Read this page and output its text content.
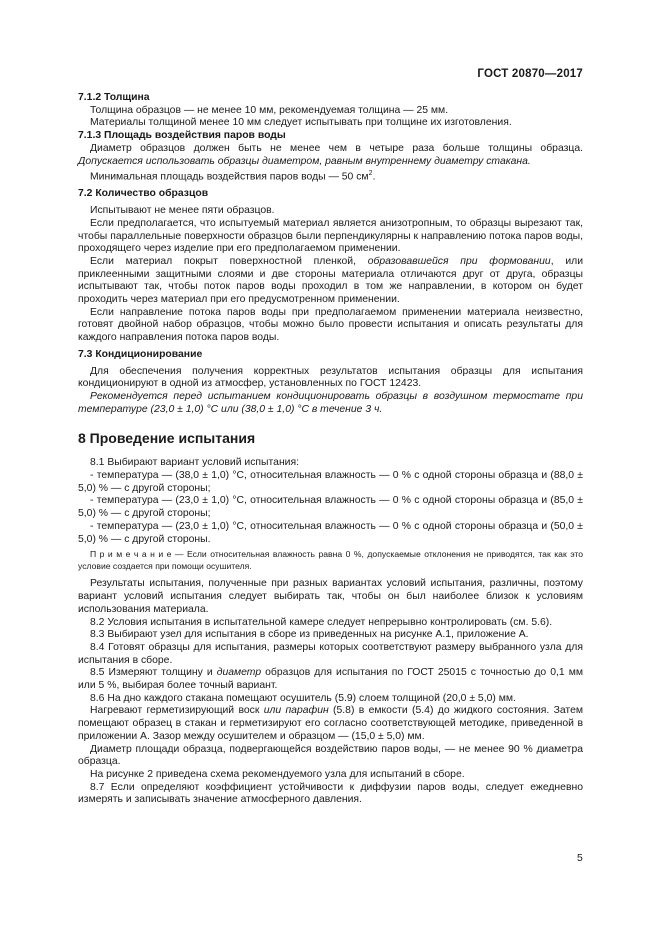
ГОСТ 20870—2017

7.1.2 Толщина

Толщина образцов — не менее 10 мм, рекомендуемая толщина — 25 мм.

Материалы толщиной менее 10 мм следует испытывать при толщине их изготовления.

7.1.3 Площадь воздействия паров воды

Диаметр образцов должен быть не менее чем в четыре раза больше толщины образца. Допускается использовать образцы диаметром, равным внутреннему диаметру стакана.

Минимальная площадь воздействия паров воды — 50 $см^2$.

7.2 Количество образцов

Испытывают не менее пяти образцов.

Если предполагается, что испытуемый материал является анизотропным, то образцы вырезают так, чтобы параллельные поверхности образцов были перпендикулярны к направлению потока паров воды, проходящего через изделие при его предполагаемом применении.

Если материал покрыт поверхностной пленкой, образовавшейся при формовании, или приклеенными защитными слоями и две стороны материала отличаются друг от друга, образцы испытывают так, чтобы поток паров воды проходил в том же направлении, в котором он будет проходить через материал при его предусмотренном применении.

Если направление потока паров воды при предполагаемом применении материала неизвестно, готовят двойной набор образцов, чтобы можно было провести испытания и описать результаты для каждого направления потока паров воды.

7.3 Кондиционирование

Для обеспечения получения корректных результатов испытания образцы для испытания кондиционируют в одной из атмосфер, установленных по ГОСТ 12423.

Рекомендуется перед испытанием кондиционировать образцы в воздушном термостате при температуре (23,0 ± 1,0) °С или (38,0 ± 1,0) °С в течение 3 ч.

8 Проведение испытания

8.1 Выбирают вариант условий испытания:

- температура — (38,0 ± 1,0) °С, относительная влажность — 0 % с одной стороны образца и (88,0 ± 5,0) % — с другой стороны;

- температура — (23,0 ± 1,0) °С, относительная влажность — 0 % с одной стороны образца и (85,0 ± 5,0) % — с другой стороны;

- температура — (23,0 ± 1,0) °С, относительная влажность — 0 % с одной стороны образца и (50,0 ± 5,0) % — с другой стороны.

П р и м е ч а н и е — Если относительная влажность равна 0 %, допускаемые отклонения не приводятся, так как это условие создается при помощи осушителя.

Результаты испытания, полученные при разных вариантах условий испытания, различны, поэтому вариант условий испытания следует выбирать так, чтобы он был наиболее близок к условиям использования материала.

8.2 Условия испытания в испытательной камере следует непрерывно контролировать (см. 5.6).

8.3 Выбирают узел для испытания в сборе из приведенных на рисунке А.1, приложение А.

8.4 Готовят образцы для испытания, размеры которых соответствуют размеру выбранного узла для испытания в сборе.

8.5 Измеряют толщину и диаметр образцов для испытания по ГОСТ 25015 с точностью до 0,1 мм или 5 %, выбирая более точный вариант.

8.6 На дно каждого стакана помещают осушитель (5.9) слоем толщиной (20,0 ± 5,0) мм.

Нагревают герметизирующий воск или парафин (5.8) в емкости (5.4) до жидкого состояния. Затем помещают образец в стакан и герметизируют его согласно соответствующей методике, приведенной в приложении А. Зазор между осушителем и образцом — (15,0 ± 5,0) мм.

Диаметр площади образца, подвергающейся воздействию паров воды, — не менее 90 % диаметра образца.

На рисунке 2 приведена схема рекомендуемого узла для испытаний в сборе.

8.7 Если определяют коэффициент устойчивости к диффузии паров воды, следует ежедневно измерять и записывать значение атмосферного давления.

5
